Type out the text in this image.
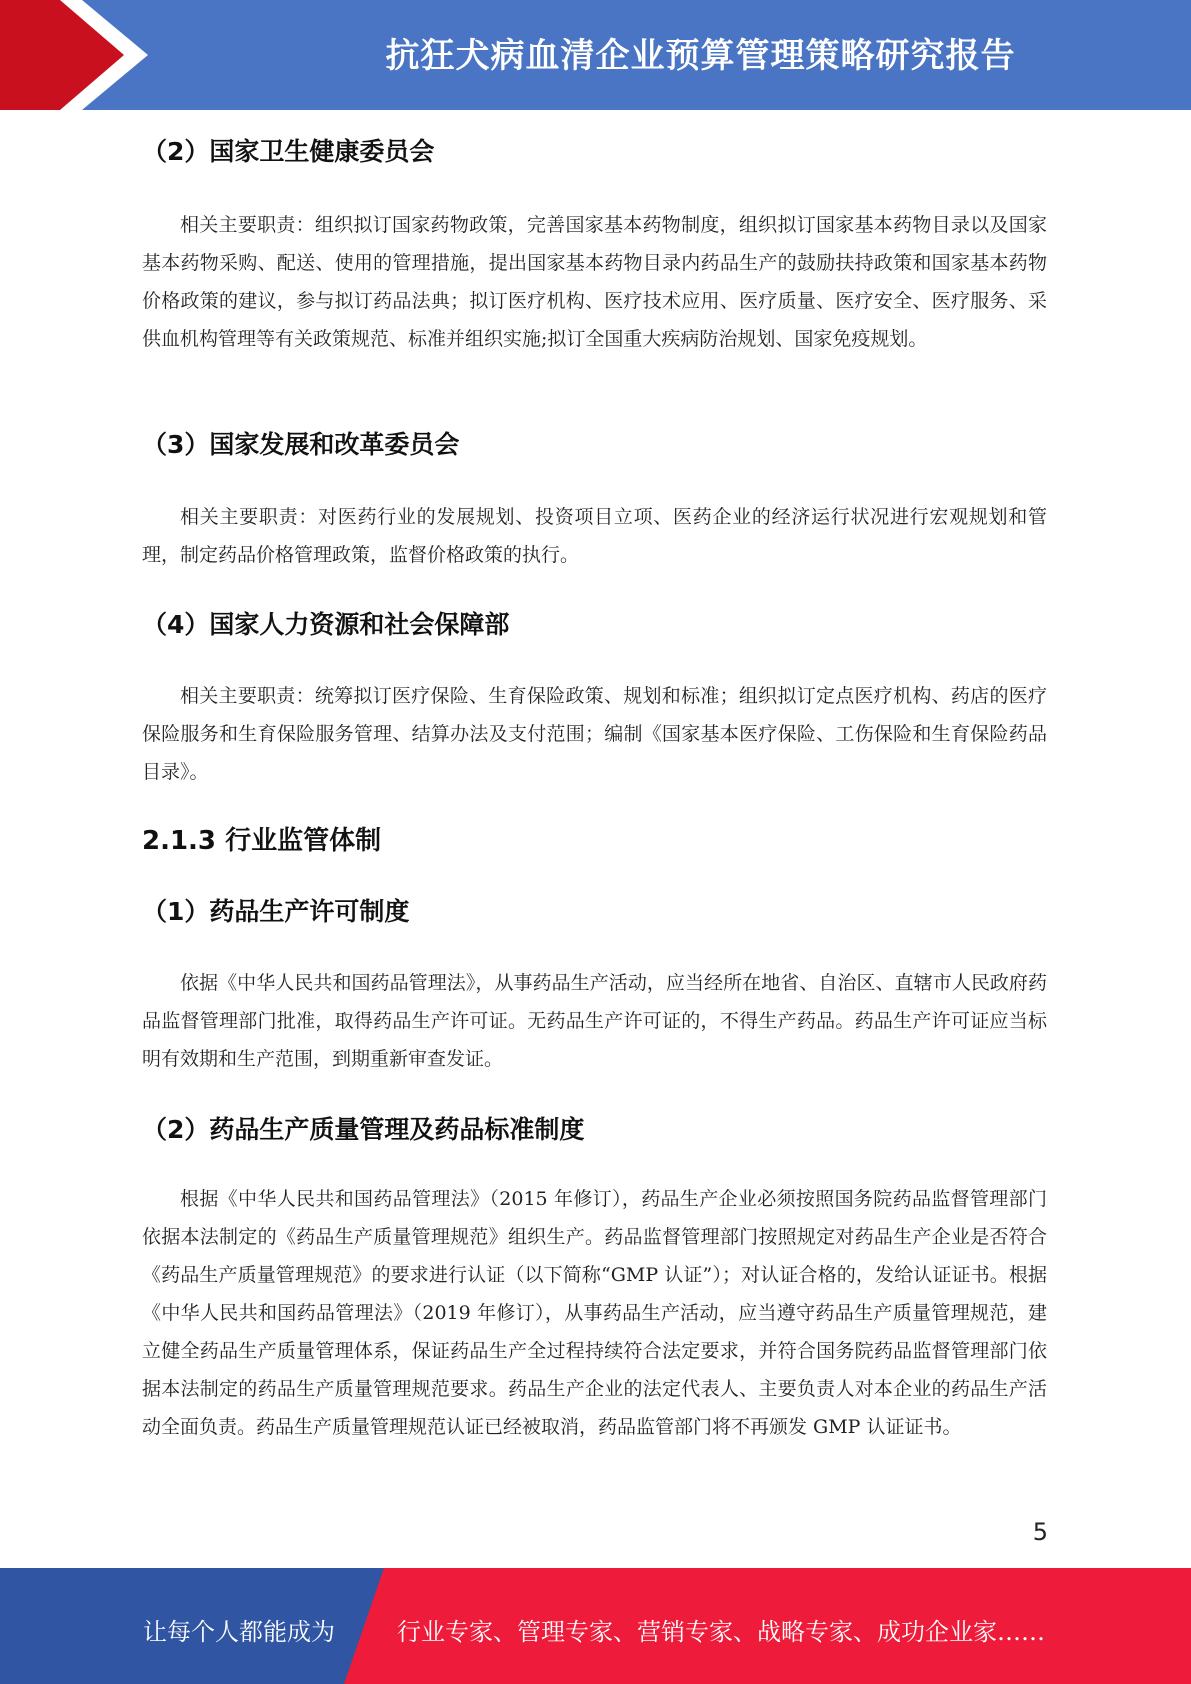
抗狂犬病血清企业预算管理策略研究报告
（2）国家卫生健康委员会

相关主要职责：组织拟订国家药物政策，完善国家基本药物制度，组织拟订国家基本药物目录以及国家基本药物采购、配送、使用的管理措施，提出国家基本药物目录内药品生产的鼓励扶持政策和国家基本药物价格政策的建议，参与拟订药品法典；拟订医疗机构、医疗技术应用、医疗质量、医疗安全、医疗服务、采供血机构管理等有关政策规范、标准并组织实施;拟订全国重大疾病防治规划、国家免疫规划。

（3）国家发展和改革委员会

相关主要职责：对医药行业的发展规划、投资项目立项、医药企业的经济运行状况进行宏观规划和管理，制定药品价格管理政策，监督价格政策的执行。

（4）国家人力资源和社会保障部

相关主要职责：统筹拟订医疗保险、生育保险政策、规划和标准；组织拟订定点医疗机构、药店的医疗保险服务和生育保险服务管理、结算办法及支付范围；编制《国家基本医疗保险、工伤保险和生育保险药品目录》。

2.1.3 行业监管体制
（1）药品生产许可制度

依据《中华人民共和国药品管理法》，从事药品生产活动，应当经所在地省、自治区、直辖市人民政府药品监督管理部门批准，取得药品生产许可证。无药品生产许可证的，不得生产药品。药品生产许可证应当标明有效期和生产范围，到期重新审查发证。

（2）药品生产质量管理及药品标准制度

根据《中华人民共和国药品管理法》（2015 年修订），药品生产企业必须按照国务院药品监督管理部门依据本法制定的《药品生产质量管理规范》组织生产。药品监督管理部门按照规定对药品生产企业是否符合《药品生产质量管理规范》的要求进行认证（以下简称“GMP 认证”）；对认证合格的，发给认证证书。根据《中华人民共和国药品管理法》（2019 年修订），从事药品生产活动，应当遵守药品生产质量管理规范，建立健全药品生产质量管理体系，保证药品生产全过程持续符合法定要求，并符合国务院药品监督管理部门依据本法制定的药品生产质量管理规范要求。药品生产企业的法定代表人、主要负责人对本企业的药品生产活动全面负责。药品生产质量管理规范认证已经被取消，药品监管部门将不再颁发 GMP 认证证书。

5
让每个人都能成为	行业专家、管理专家、营销专家、战略专家、成功企业家……
